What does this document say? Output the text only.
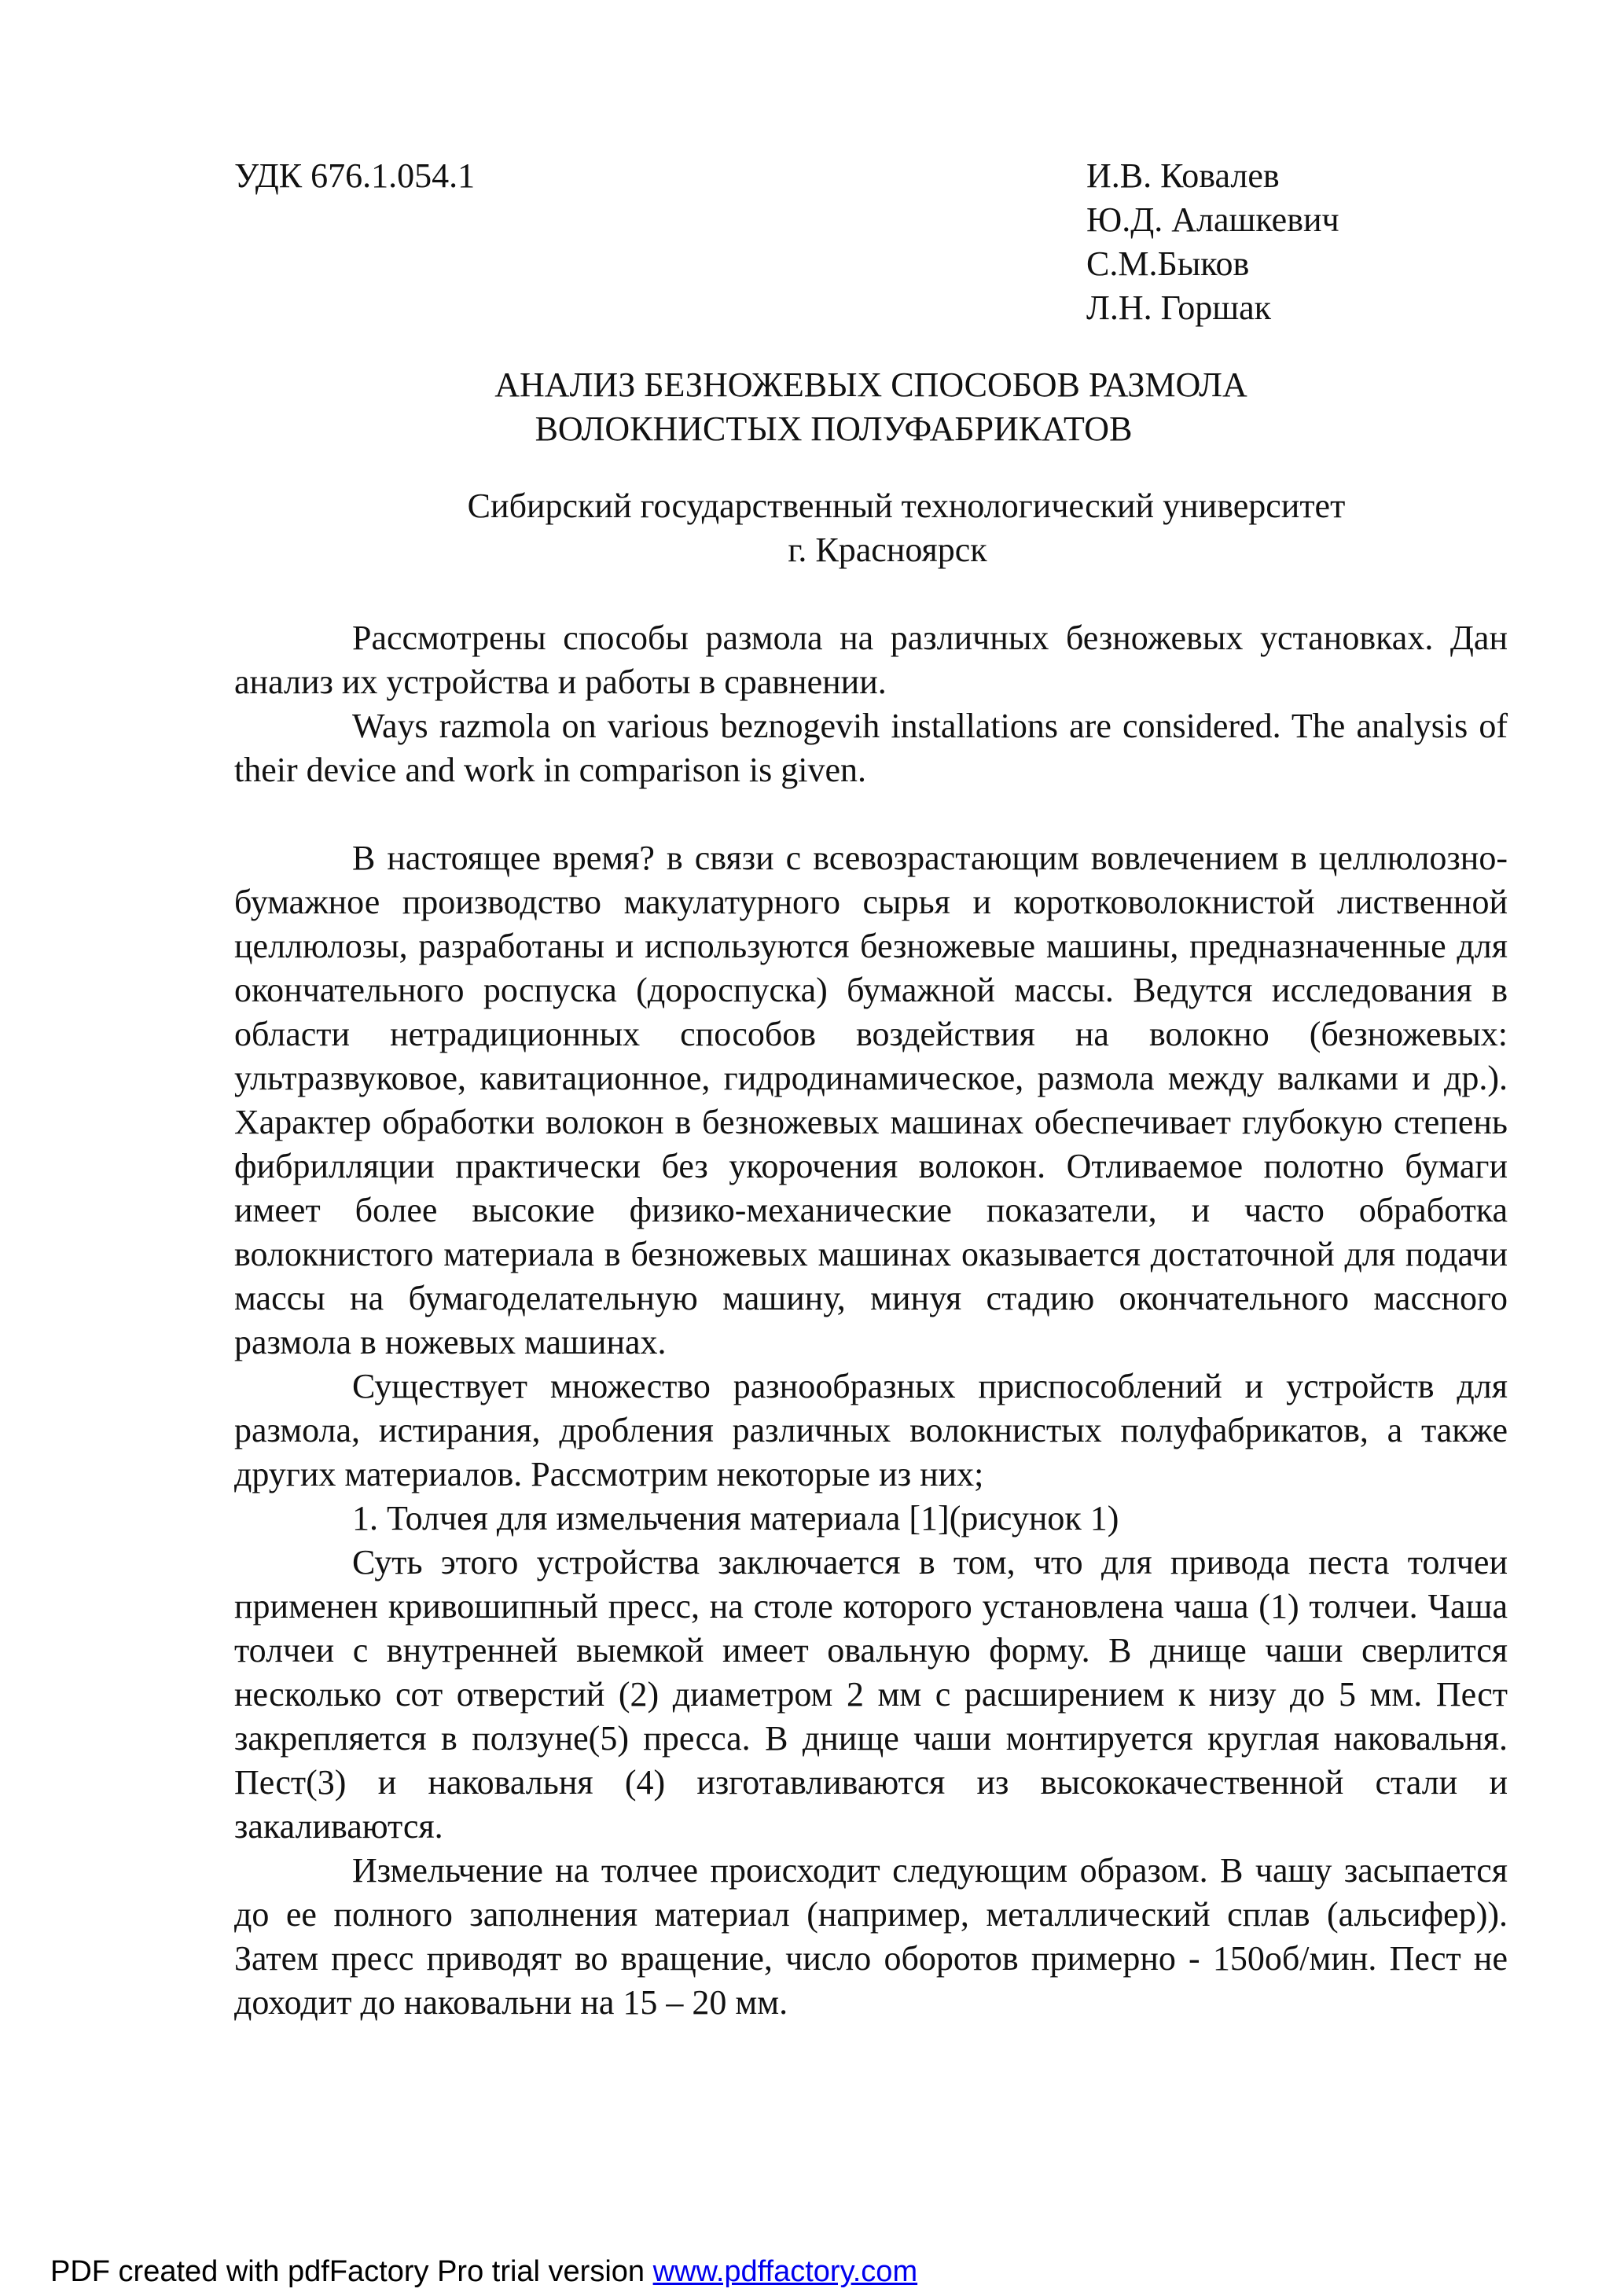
УДК 676.1.054.1	И.В. Ковалев
Ю.Д. Алашкевич
С.М.Быков
Л.Н. Горшак
АНАЛИЗ БЕЗНОЖЕВЫХ СПОСОБОВ РАЗМОЛА
ВОЛОКНИСТЫХ ПОЛУФАБРИКАТОВ
Сибирский государственный технологический университет
г. Красноярск

Рассмотрены способы размола на различных безножевых установках. Дан анализ их устройства и работы в сравнении.

Ways razmola on various beznogevih installations are considered. The analysis of their device and work in comparison is given.

В настоящее время? в связи с всевозрастающим вовлечением в целлюлозно-бумажное производство макулатурного сырья и коротковолокнистой лиственной целлюлозы, разработаны и используются безножевые машины, предназначенные для окончательного роспуска (дороспуска) бумажной массы. Ведутся исследования в области нетрадиционных способов воздействия на волокно (безножевых: ультразвуковое, кавитационное, гидродинамическое, размола между валками и др.). Характер обработки волокон в безножевых машинах обеспечивает глубокую степень фибрилляции практически без укорочения волокон. Отливаемое полотно бумаги имеет более высокие физико-механические показатели, и часто обработка волокнистого материала в безножевых машинах оказывается достаточной для подачи массы на бумагоделательную машину, минуя стадию окончательного массного размола в ножевых машинах.

Существует множество разнообразных приспособлений и устройств для размола, истирания, дробления различных волокнистых полуфабрикатов, а также других материалов. Рассмотрим некоторые из них;

1. Толчея для измельчения материала [1](рисунок 1)

Суть этого устройства заключается в том, что для привода песта толчеи применен кривошипный пресс, на столе которого установлена чаша (1) толчеи. Чаша толчеи с внутренней выемкой имеет овальную форму. В днище чаши сверлится несколько сот отверстий (2) диаметром 2 мм с расширением к низу до 5 мм. Пест закрепляется в ползуне(5) пресса. В днище чаши монтируется круглая наковальня. Пест(3) и наковальня (4) изготавливаются из высококачественной стали и закаливаются.

Измельчение на толчее происходит следующим образом. В чашу засыпается до ее полного заполнения материал (например, металлический сплав (альсифер)). Затем пресс приводят во вращение, число оборотов примерно - 150об/мин. Пест не доходит до наковальни на 15 – 20 мм.

PDF created with pdfFactory Pro trial version www.pdffactory.com
